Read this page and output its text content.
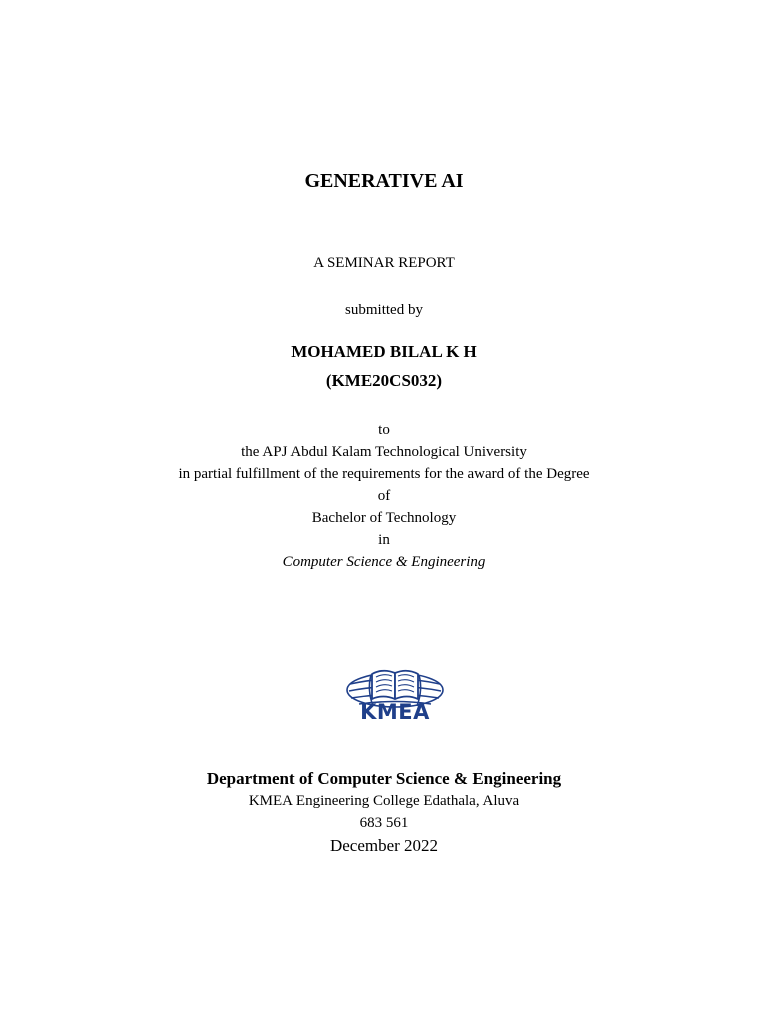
GENERATIVE AI
A SEMINAR REPORT
submitted by
MOHAMED BILAL K H
(KME20CS032)
to
the APJ Abdul Kalam Technological University
in partial fulfillment of the requirements for the award of the Degree
of
Bachelor of Technology
in
Computer Science & Engineering
KMEA
Department of Computer Science & Engineering
KMEA Engineering College Edathala, Aluva
683 561
December 2022
